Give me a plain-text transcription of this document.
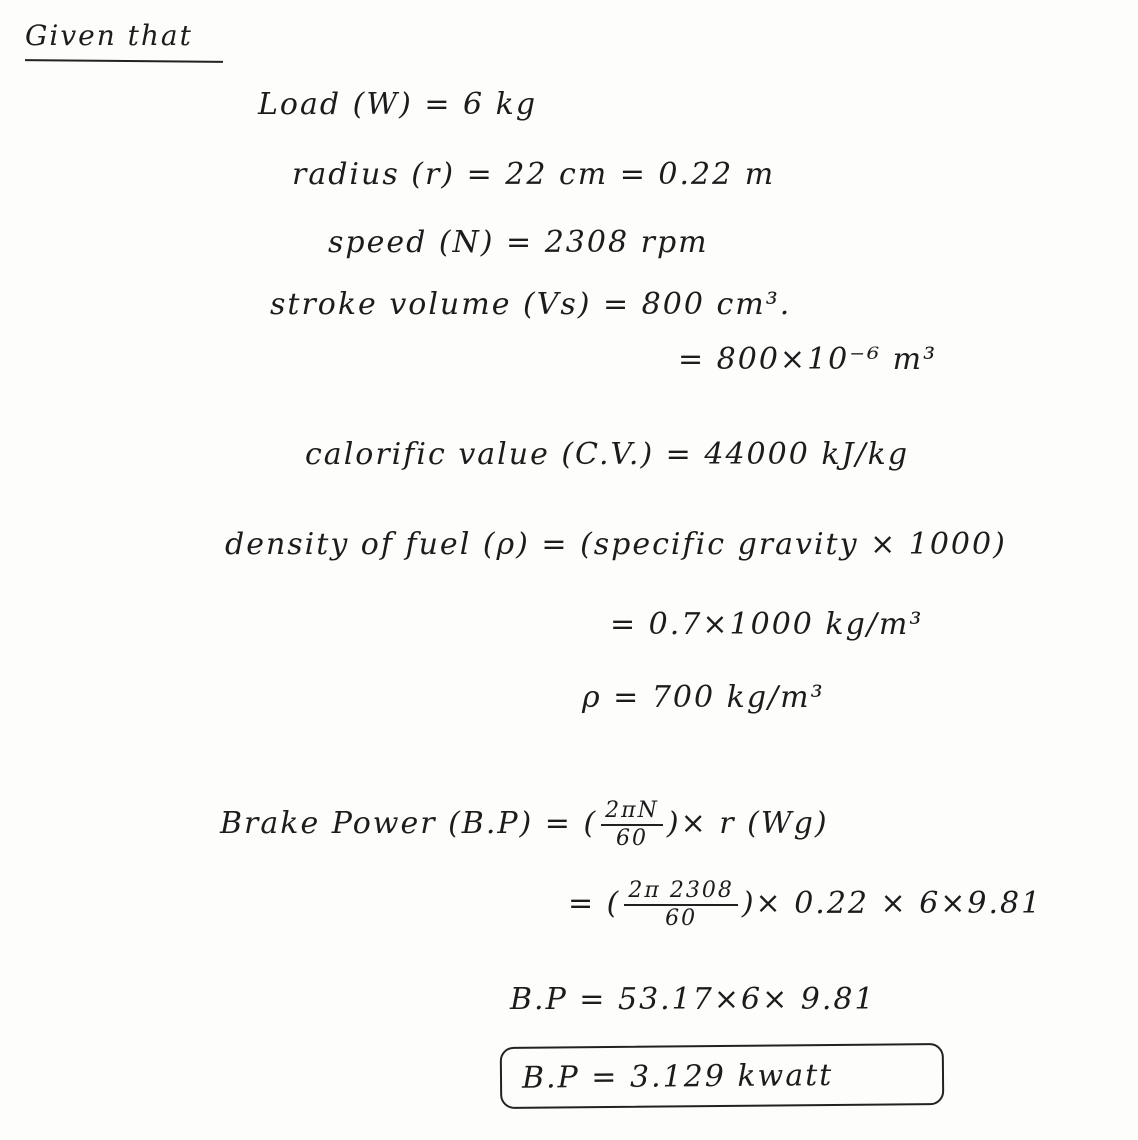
Given that
Load (W) = 6 kg
radius (r) = 22 cm = 0.22 m
speed (N) = 2308 rpm
stroke volume (Vs) = 800 cm³.
= 800×10⁻⁶ m³
calorific value (C.V.) = 44000 kJ/kg
density of fuel (ρ) = (specific gravity × 1000)
= 0.7×1000 kg/m³
ρ = 700 kg/m³
Brake Power (B.P) = ( $\frac{2\pi N}{60}$ )× r (Wg)
= ( $\frac{2\pi 2308}{60}$ )× 0.22 × 6×9.81
B.P = 53.17×6× 9.81
B.P = 3.129 kwatt
